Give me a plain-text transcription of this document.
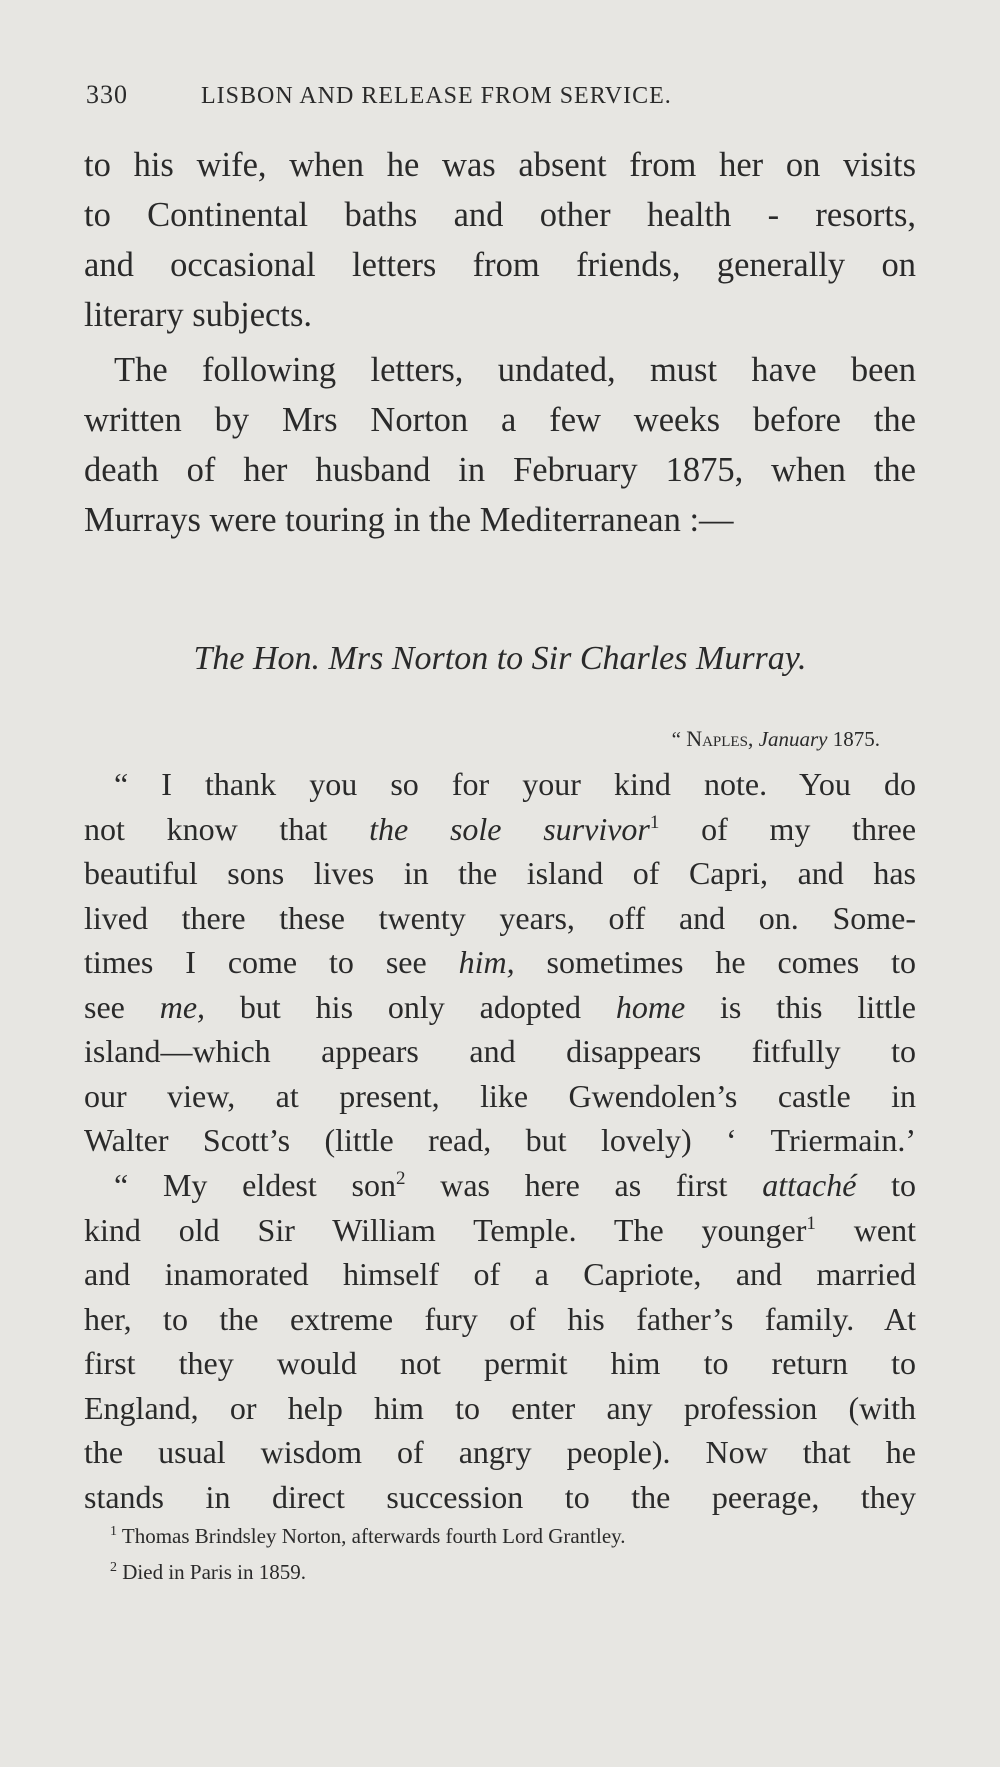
330	LISBON AND RELEASE FROM SERVICE.
to his wife, when he was absent from her on visits
to Continental baths and other health - resorts,
and occasional letters from friends, generally on
literary subjects.
The following letters, undated, must have been
written by Mrs Norton a few weeks before the
death of her husband in February 1875, when the
Murrays were touring in the Mediterranean :—
The Hon. Mrs Norton to Sir Charles Murray.
“ Naples, January 1875.
“ I thank you so for your kind note. You do
not know that the sole survivor$^1$ of my three
beautiful sons lives in the island of Capri, and has
lived there these twenty years, off and on. Some-
times I come to see him, sometimes he comes to
see me, but his only adopted home is this little
island—which appears and disappears fitfully to
our view, at present, like Gwendolen’s castle in
Walter Scott’s (little read, but lovely) ‘ Triermain.’
“ My eldest son$^2$ was here as first attaché to
kind old Sir William Temple. The younger$^1$ went
and inamorated himself of a Capriote, and married
her, to the extreme fury of his father’s family. At
first they would not permit him to return to
England, or help him to enter any profession (with
the usual wisdom of angry people). Now that he
stands in direct succession to the peerage, they
$^1$ Thomas Brindsley Norton, afterwards fourth Lord Grantley.
$^2$ Died in Paris in 1859.
